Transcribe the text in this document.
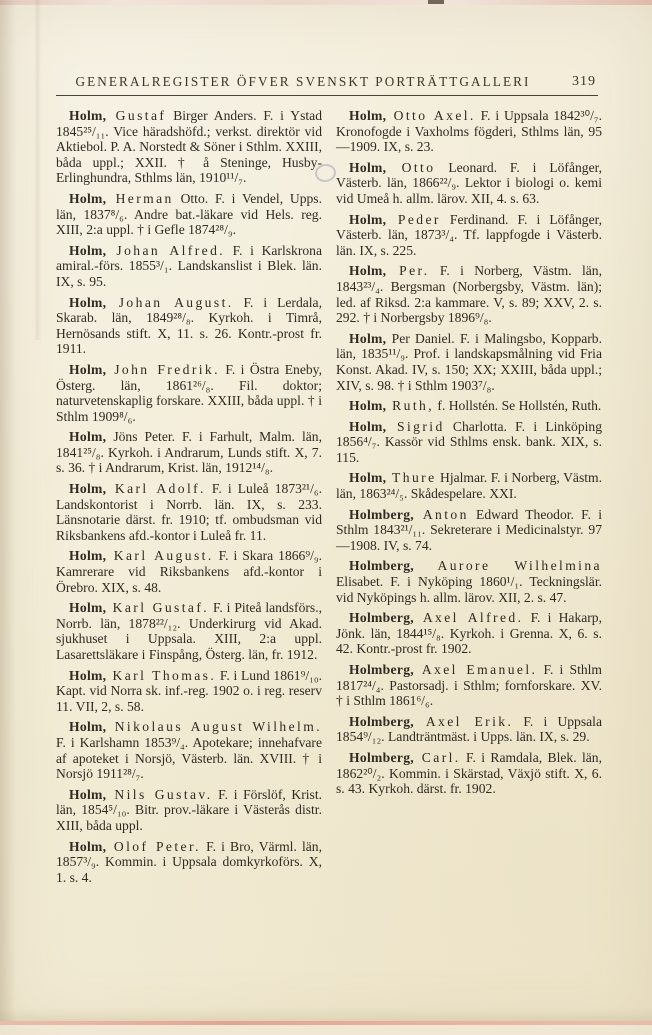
GENERALREGISTER ÖFVER SVENSKT PORTRÄTTGALLERI	319

Holm, Gustaf Birger Anders. F. i Ystad 1845²⁵/₁₁. Vice häradshöfd.; verkst. direktör vid Aktiebol. P. A. Norstedt & Söner i Sthlm. XXIII, båda uppl.; XXII. † å Steninge, Husby-Erlinghundra, Sthlms län, 1910¹¹/₇.

Holm, Herman Otto. F. i Vendel, Upps. län, 1837⁸/₆. Andre bat.-läkare vid Hels. reg. XIII, 2:a uppl. † i Gefle 1874²⁸/₉.

Holm, Johan Alfred. F. i Karlskrona amiral.-förs. 1855³/₁. Landskanslist i Blek. län. IX, s. 95.

Holm, Johan August. F. i Lerdala, Skarab. län, 1849²⁸/₈. Kyrkoh. i Timrå, Hernösands stift. X, 11. s. 26. Kontr.-prost fr. 1911.

Holm, John Fredrik. F. i Östra Eneby, Österg. län, 1861²⁶/₈. Fil. doktor; naturvetenskaplig forskare. XXIII, båda uppl. † i Sthlm 1909⁸/₆.

Holm, Jöns Peter. F. i Farhult, Malm. län, 1841²⁵/₈. Kyrkoh. i Andrarum, Lunds stift. X, 7. s. 36. † i Andrarum, Krist. län, 1912¹⁴/₈.

Holm, Karl Adolf. F. i Luleå 1873²¹/₆. Landskontorist i Norrb. län. IX, s. 233. Länsnotarie därst. fr. 1910; tf. ombudsman vid Riksbankens afd.-kontor i Luleå fr. 11.

Holm, Karl August. F. i Skara 1866⁹/₉. Kamrerare vid Riksbankens afd.-kontor i Örebro. XIX, s. 48.

Holm, Karl Gustaf. F. i Piteå landsförs., Norrb. län, 1878²²/₁₂. Underkirurg vid Akad. sjukhuset i Uppsala. XIII, 2:a uppl. Lasarettsläkare i Finspång, Österg. län, fr. 1912.

Holm, Karl Thomas. F. i Lund 1861⁹/₁₀. Kapt. vid Norra sk. inf.-reg. 1902 o. i reg. reserv 11. VII, 2, s. 58.

Holm, Nikolaus August Wilhelm. F. i Karlshamn 1853⁹/₄. Apotekare; innehafvare af apoteket i Norsjö, Västerb. län. XVIII. † i Norsjö 1911²⁸/₇.

Holm, Nils Gustav. F. i Förslöf, Krist. län, 1854⁵/₁₀. Bitr. prov.-läkare i Västerås distr. XIII, båda uppl.

Holm, Olof Peter. F. i Bro, Värml. län, 1857³/₉. Kommin. i Uppsala domkyrkoförs. X, 1. s. 4.

Holm, Otto Axel. F. i Uppsala 1842³⁰/₇. Kronofogde i Vaxholms fögderi, Sthlms län, 95—1909. IX, s. 23.

Holm, Otto Leonard. F. i Löfånger, Västerb. län, 1866²²/₉. Lektor i biologi o. kemi vid Umeå h. allm. lärov. XII, 4. s. 63.

Holm, Peder Ferdinand. F. i Löfånger, Västerb. län, 1873³/₄. Tf. lappfogde i Västerb. län. IX, s. 225.

Holm, Per. F. i Norberg, Västm. län, 1843²³/₄. Bergsman (Norbergsby, Västm. län); led. af Riksd. 2:a kammare. V, s. 89; XXV, 2. s. 292. † i Norbergsby 1896⁹/₈.

Holm, Per Daniel. F. i Malingsbo, Kopparb. län, 1835¹¹/₉. Prof. i landskapsmålning vid Fria Konst. Akad. IV, s. 150; XX; XXIII, båda uppl.; XIV, s. 98. † i Sthlm 1903⁷/₈.

Holm, Ruth, f. Hollstén. Se Hollstén, Ruth.

Holm, Sigrid Charlotta. F. i Linköping 1856⁴/₇. Kassör vid Sthlms ensk. bank. XIX, s. 115.

Holm, Thure Hjalmar. F. i Norberg, Västm. län, 1863²⁴/₅. Skådespelare. XXI.

Holmberg, Anton Edward Theodor. F. i Sthlm 1843²¹/₁₁. Sekreterare i Medicinalstyr. 97—1908. IV, s. 74.

Holmberg, Aurore Wilhelmina Elisabet. F. i Nyköping 1860¹/₁. Teckningslär. vid Nyköpings h. allm. lärov. XII, 2. s. 47.

Holmberg, Axel Alfred. F. i Hakarp, Jönk. län, 1844¹⁵/₈. Kyrkoh. i Grenna. X, 6. s. 42. Kontr.-prost fr. 1902.

Holmberg, Axel Emanuel. F. i Sthlm 1817²⁴/₄. Pastorsadj. i Sthlm; fornforskare. XV. † i Sthlm 1861⁶/₆.

Holmberg, Axel Erik. F. i Uppsala 1854⁹/₁₂. Landträntmäst. i Upps. län. IX, s. 29.

Holmberg, Carl. F. i Ramdala, Blek. län, 1862²⁰/₂. Kommin. i Skärstad, Växjö stift. X, 6. s. 43. Kyrkoh. därst. fr. 1902.
